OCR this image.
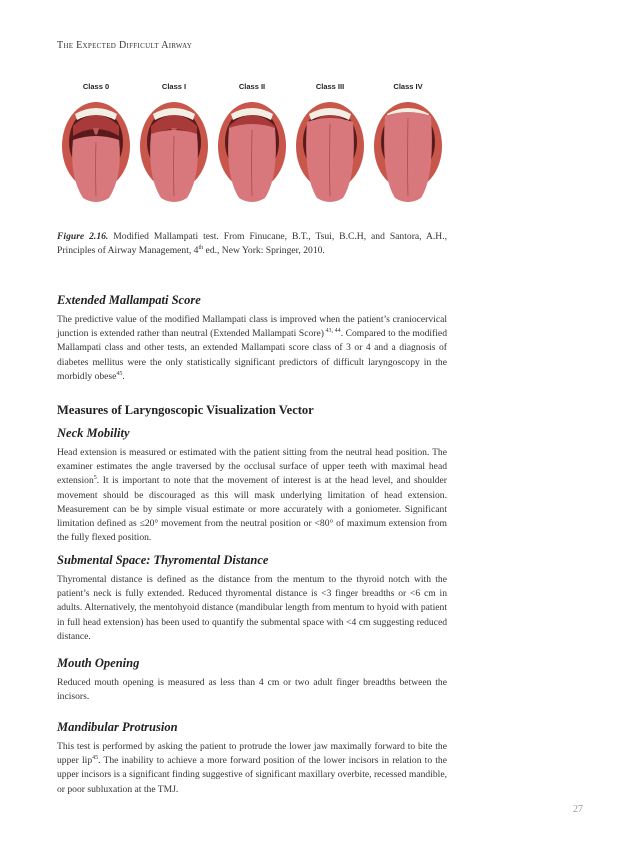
The Expected Difficult Airway
Class 0	Class I	Class II	Class III	Class IV
Figure 2.16. Modified Mallampati test. From Finucane, B.T., Tsui, B.C.H, and Santora, A.H., Principles of Airway Management, 4th ed., New York: Springer, 2010.
Extended Mallampati Score

The predictive value of the modified Mallampati class is improved when the patient’s craniocervical junction is extended rather than neutral (Extended Mallampati Score) $^{43, 44}$. Compared to the modified Mallampati class and other tests, an extended Mallampati score class of 3 or 4 and a diagnosis of diabetes mellitus were the only statistically significant predictors of difficult laryngoscopy in the morbidly obese$^{45}$.

Measures of Laryngoscopic Visualization Vector
Neck Mobility

Head extension is measured or estimated with the patient sitting from the neutral head position. The examiner estimates the angle traversed by the occlusal surface of upper teeth with maximal head extension$^5$. It is important to note that the movement of interest is at the head level, and shoulder movement should be discouraged as this will mask underlying limitation of head extension. Measurement can be by simple visual estimate or more accurately with a goniometer. Significant limitation defined as ≤20° movement from the neutral position or <80° of maximum extension from the fully flexed position.

Submental Space: Thyromental Distance

Thyromental distance is defined as the distance from the mentum to the thyroid notch with the patient’s neck is fully extended. Reduced thyromental distance is <3 finger breadths or <6 cm in adults. Alternatively, the mentohyoid distance (mandibular length from mentum to hyoid with patient in full head extension) has been used to quantify the submental space with <4 cm suggesting reduced distance.

Mouth Opening

Reduced mouth opening is measured as less than 4 cm or two adult finger breadths between the incisors.

Mandibular Protrusion

This test is performed by asking the patient to protrude the lower jaw maximally forward to bite the upper lip$^{45}$. The inability to achieve a more forward position of the lower incisors in relation to the upper incisors is a significant finding suggestive of significant maxillary overbite, recessed mandible, or poor subluxation at the TMJ.

27
